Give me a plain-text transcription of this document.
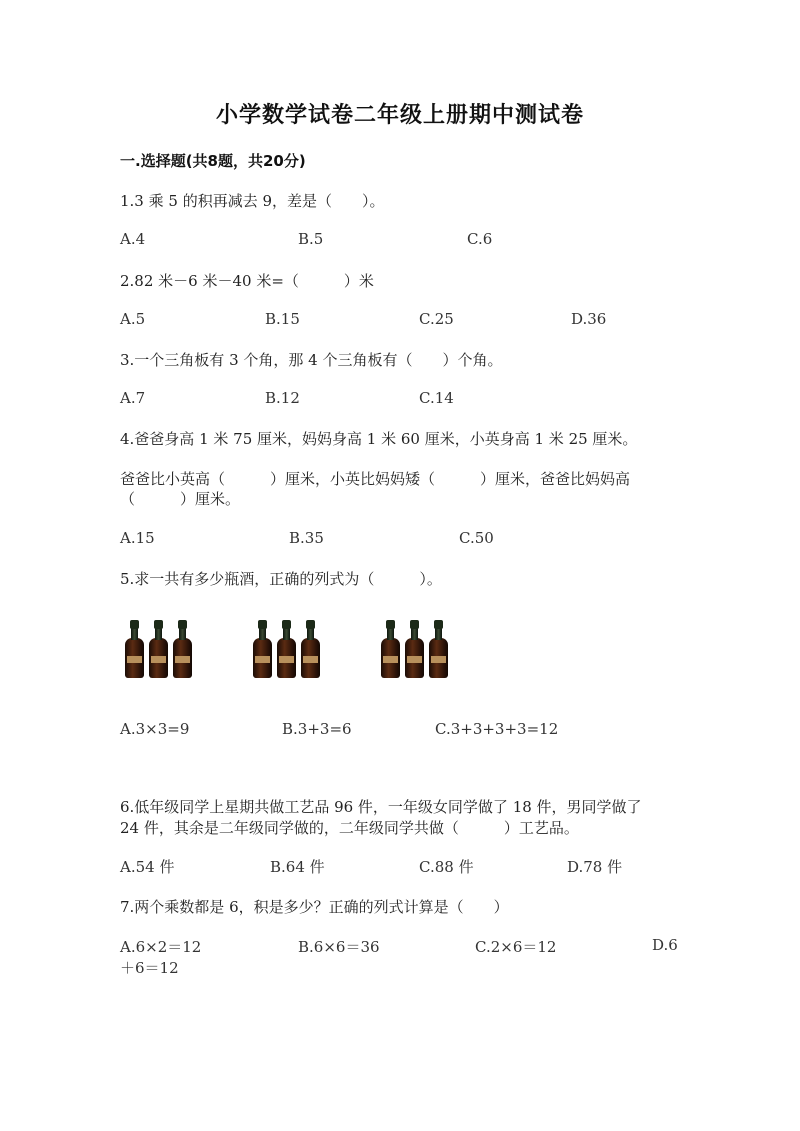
小学数学试卷二年级上册期中测试卷
一.选择题(共8题，共20分)
1.3 乘 5 的积再减去 9，差是（　　）。
A.4	B.5	C.6
2.82 米－6 米－40 米=（　　　）米
A.5	B.15	C.25	D.36
3.一个三角板有 3 个角，那 4 个三角板有（　　）个角。
A.7	B.12	C.14
4.爸爸身高 1 米 75 厘米，妈妈身高 1 米 60 厘米，小英身高 1 米 25 厘米。
爸爸比小英高（　　　）厘米，小英比妈妈矮（　　　）厘米，爸爸比妈妈高
（　　　）厘米。
A.15	B.35	C.50
5.求一共有多少瓶酒，正确的列式为（　　　）。
A.3×3=9	B.3+3=6	C.3+3+3+3=12
6.低年级同学上星期共做工艺品 96 件，一年级女同学做了 18 件，男同学做了
24 件，其余是二年级同学做的，二年级同学共做（　　　）工艺品。
A.54 件	B.64 件	C.88 件	D.78 件
7.两个乘数都是 6，积是多少？正确的列式计算是（　　）
A.6×2＝12	B.6×6＝36	C.2×6＝12	D.6
＋6＝12
